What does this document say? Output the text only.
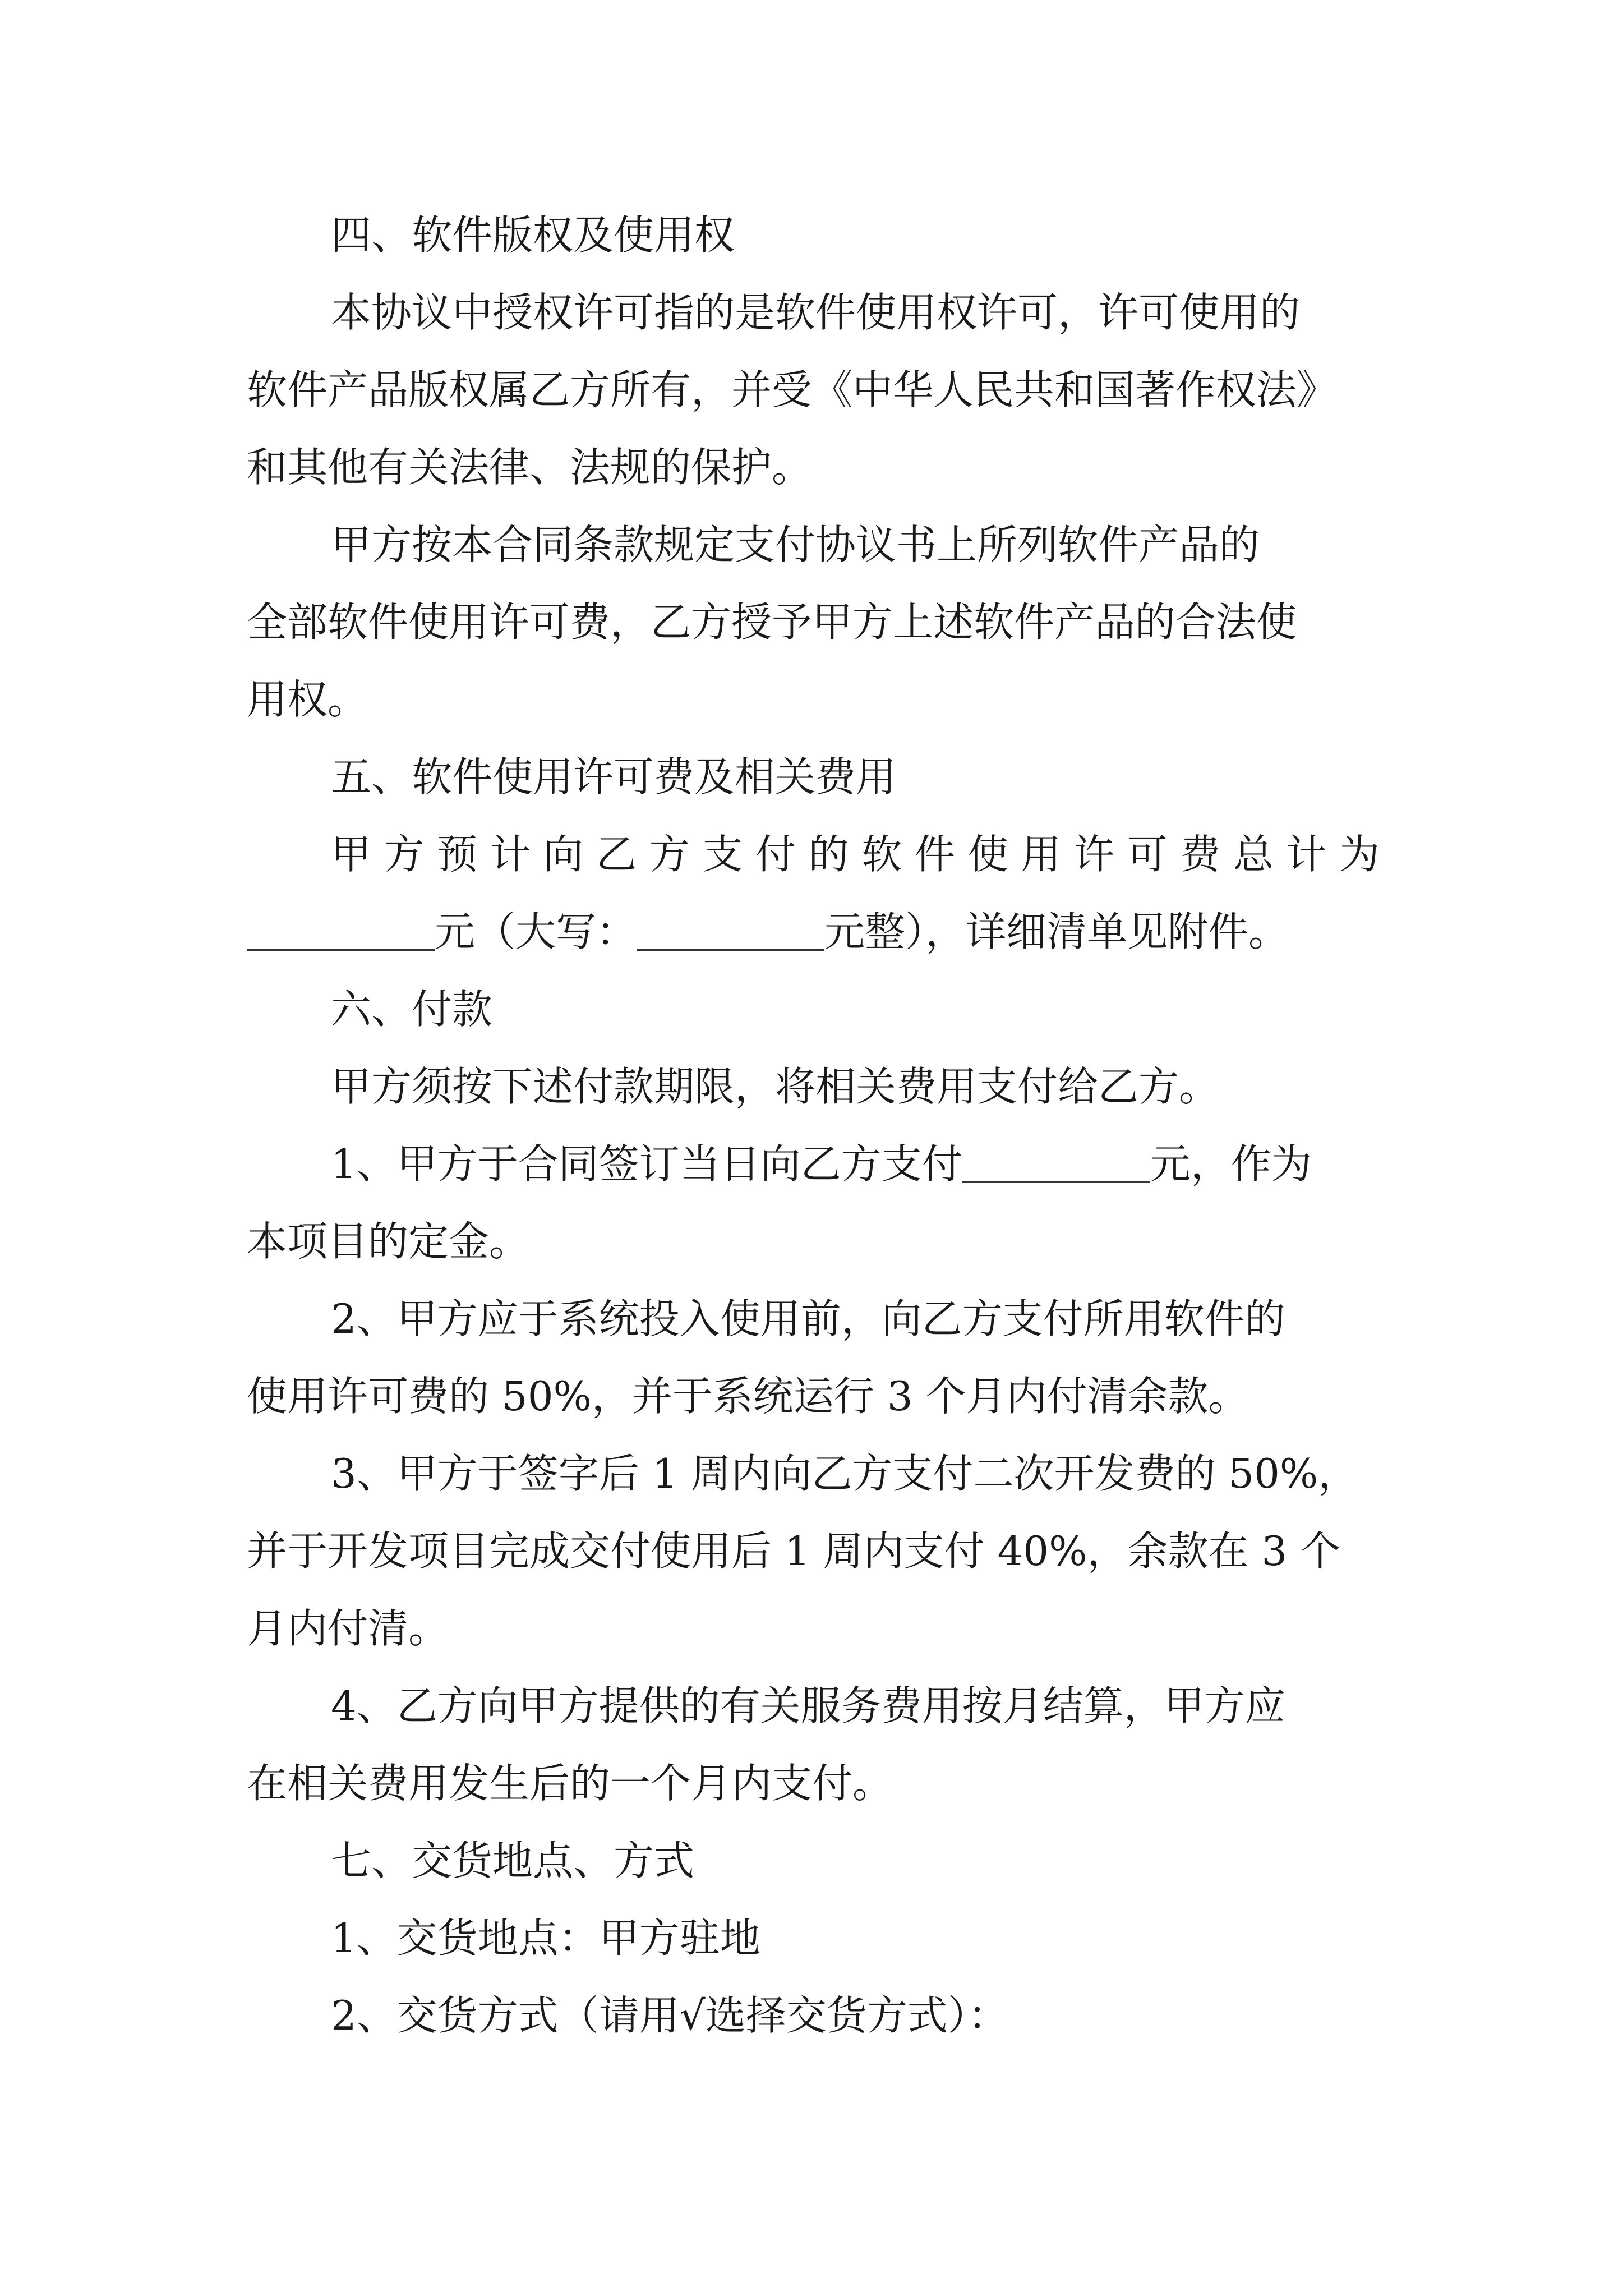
四、软件版权及使用权
本协议中授权许可指的是软件使用权许可，许可使用的
软件产品版权属乙方所有，并受《中华人民共和国著作权法》
和其他有关法律、法规的保护。
甲方按本合同条款规定支付协议书上所列软件产品的
全部软件使用许可费，乙方授予甲方上述软件产品的合法使
用权。
五、软件使用许可费及相关费用
甲方预计向乙方支付的软件使用许可费总计为
元（大写：	元整），详细清单见附件。
六、付款
甲方须按下述付款期限，将相关费用支付给乙方。
1、甲方于合同签订当日向乙方支付	元，作为
本项目的定金。
2、甲方应于系统投入使用前，向乙方支付所用软件的
使用许可费的 50%，并于系统运行 3 个月内付清余款。
3、甲方于签字后 1 周内向乙方支付二次开发费的 50%，
并于开发项目完成交付使用后 1 周内支付 40%，余款在 3 个
月内付清。
4、乙方向甲方提供的有关服务费用按月结算，甲方应
在相关费用发生后的一个月内支付。
七、交货地点、方式
1、交货地点：甲方驻地
2、交货方式（请用√选择交货方式）：
